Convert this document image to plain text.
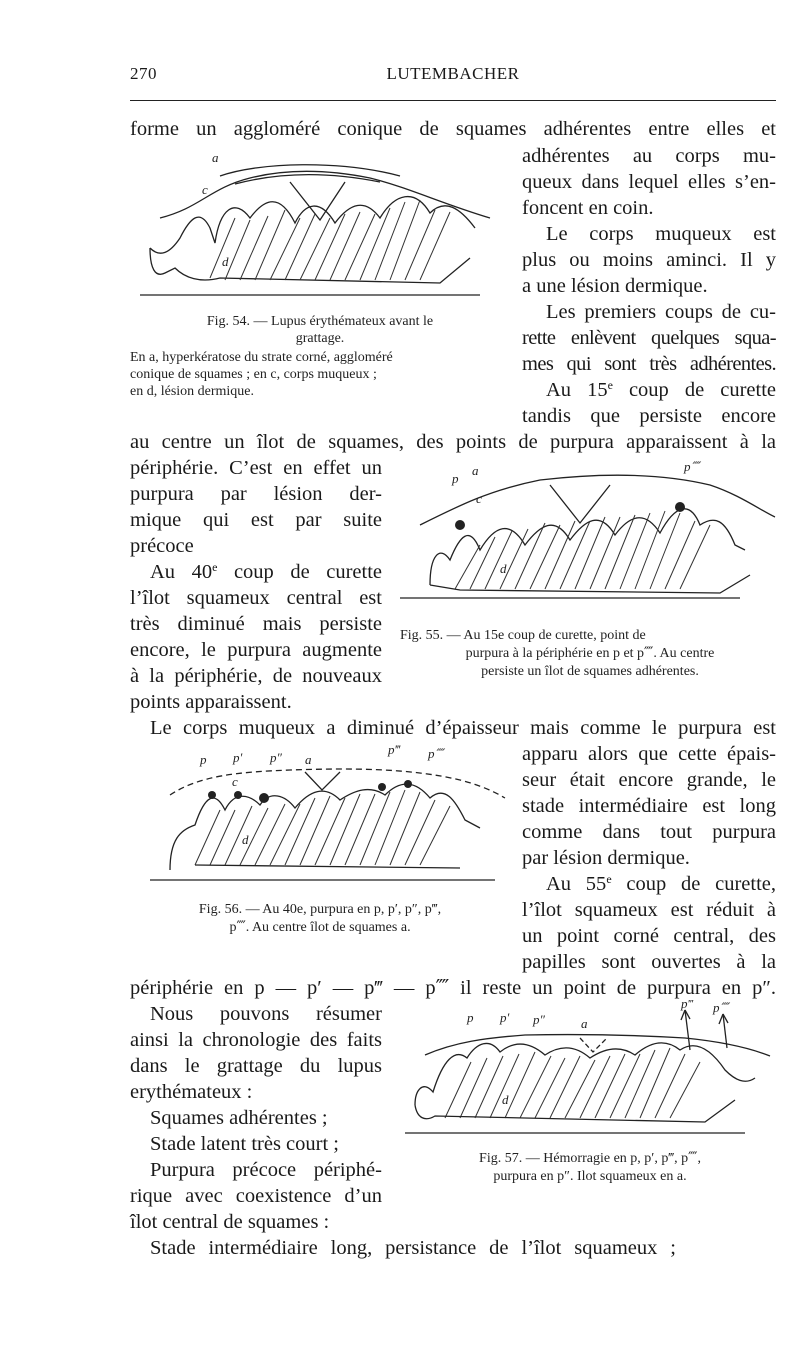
270	LUTEMBACHER
forme un aggloméré conique de squames adhérentes entre elles et
adhérentes au corps mu-
queux dans lequel elles s’en-
foncent en coin.
Le corps muqueux est
plus ou moins aminci. Il y
a une lésion dermique.
Les premiers coups de cu-
rette enlèvent quelques squa-
mes qui sont très adhérentes.
Au 15e coup de curette
tandis que persiste encore
au centre un îlot de squames, des points de purpura apparaissent à la
périphérie. C’est en effet un
purpura par lésion der-
mique qui est par suite
précoce
Au 40e coup de curette
l’îlot squameux central est
très diminué mais persiste
encore, le purpura augmente
à la périphérie, de nouveaux
points apparaissent.
Le corps muqueux a diminué d’épaisseur mais comme le purpura est
apparu alors que cette épais-
seur était encore grande, le
stade intermédiaire est long
comme dans tout purpura
par lésion dermique.
Au 55e coup de curette,
l’îlot squameux est réduit à
un point corné central, des
papilles sont ouvertes à la
périphérie en p — p′ — p‴ — p⁗ il reste un point de purpura en p″.
Nous pouvons résumer
ainsi la chronologie des faits
dans le grattage du lupus
erythémateux :
Squames adhérentes ;
Stade latent très court ;
Purpura précoce périphé-
rique avec coexistence d’un
îlot central de squames :
Stade intermédiaire long, persistance de l’îlot squameux ;
a
c
d
Fig. 54. — Lupus érythémateux avant le
grattage.
En a, hyperkératose du strate corné, aggloméré
conique de squames ; en c, corps muqueux ;
en d, lésion dermique.
p
a
c
p⁗
d
Fig. 55. — Au 15e coup de curette, point de
purpura à la périphérie en p et p⁗. Au centre
persiste un îlot de squames adhérentes.
p p′ p″ a
c
p‴ p⁗
d
Fig. 56. — Au 40e, purpura en p, p′, p″, p‴,
p⁗. Au centre îlot de squames a.
p p′ p″	a
p‴ p⁗
d
Fig. 57. — Hémorragie en p, p′, p‴, p⁗,
purpura en p″. Ilot squameux en a.
